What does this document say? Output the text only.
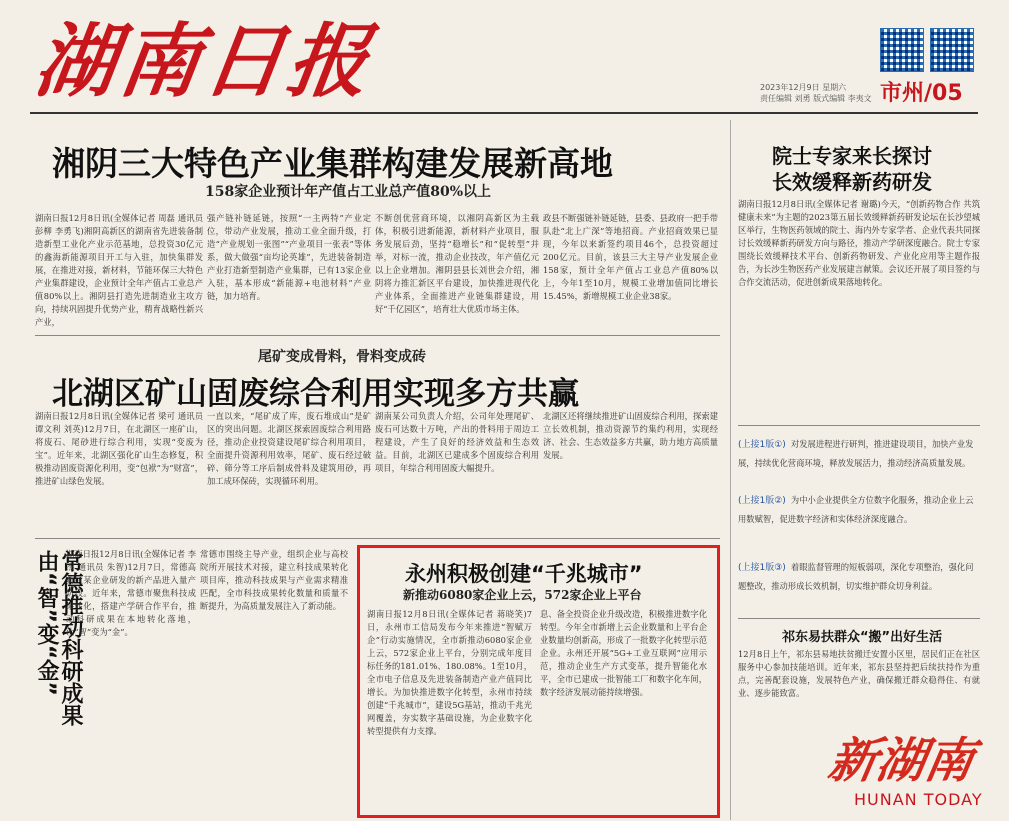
湖南日报	2023年12月9日 星期六
责任编辑 刘勇 版式编辑 李夷文 市州/05
湘阴三大特色产业集群构建发展新高地
158家企业预计年产值占工业总产值80%以上
湖南日报12月8日讯(全媒体记者 周磊 通讯员 彭柳 李勇飞)湘阴高新区的湖南省先进装备制造新型工业化产业示范基地，总投资30亿元的鑫海新能源项目开工与入驻，加快集群发展，在推进对接，新材料，节能环保三大特色产业集群建设，企业预计全年产值占工业总产值80%以上。湘阴县打造先进制造业主攻方向，持续巩固提升优势产业，精育战略性新兴产业，
强产链补链延链，按照“一主两特”产业定位，带动产业发展，推动工业全面升级，打造“产业规划一张图”“产业项目一张表”等体系，做大做强“亩均论英雄”，先进装备制造产业打造新型制造产业集群，已有13家企业入驻，基本形成“新能源+电池材料”产业链，加力培育。
不断创优营商环境，以湘阴高新区为主载体，积极引进新能源，新材料产业项目，服务发展后劲，坚持“稳增长”和“促转型”并举，对标一流，推动企业技改，年产值亿元以上企业增加。湘阴县县长刘世会介绍，湘阴将力推汇新区平台建设，加快推进现代化产业体系，全面推进产业链集群建设，用好“千亿园区”，培育壮大优质市场主体。
政县不断强链补链延链，县委、县政府一把手带队赴“北上广深”等地招商。产业招商效果已显现，今年以来新签约项目46个，总投资超过200亿元。目前，该县三大主导产业发展企业158家，预计全年产值占工业总产值80%以上，今年1至10月，规模工业增加值同比增长15.45%，新增规模工业企业38家。
尾矿变成骨料，骨料变成砖
北湖区矿山固废综合利用实现多方共赢
湖南日报12月8日讯(全媒体记者 梁可 通讯员 谭文利 刘英)12月7日，在北湖区一座矿山，将废石、尾砂进行综合利用，实现“变废为宝”。近年来，北湖区强化矿山生态修复，积极推动固废资源化利用，变“包袱”为“财富”，推进矿山绿色发展。
一直以来，“尾矿成了库，废石堆成山”是矿区的突出问题。北湖区探索固废综合利用路径，推动企业投资建设尾矿综合利用项目，全面提升资源利用效率，尾矿、废石经过破碎、筛分等工序后制成骨料及建筑用砂，再加工成环保砖，实现循环利用。
湖南某公司负责人介绍，公司年处理尾矿、废石可达数十万吨，产出的骨料用于周边工程建设，产生了良好的经济效益和生态效益。目前，北湖区已建成多个固废综合利用项目，年综合利用固废大幅提升。
北湖区还将继续推进矿山固废综合利用，探索建立长效机制，推动资源节约集约利用，实现经济、社会、生态效益多方共赢，助力地方高质量发展。
常德推动科研成果由“智”变“金” 湖南日报12月8日讯(全媒体记者 李杰 通讯员 朱智)12月7日，常德高新区某企业研发的新产品进入量产阶段。近年来，常德市聚焦科技成果转化，搭建产学研合作平台，推动科研成果在本地转化落地，让“智”变为“金”。
常德市围绕主导产业，组织企业与高校院所开展技术对接，建立科技成果转化项目库，推动科技成果与产业需求精准匹配，全市科技成果转化数量和质量不断提升，为高质量发展注入了新动能。
永州积极创建“千兆城市”
新推动6080家企业上云，572家企业上平台
湖南日报12月8日讯(全媒体记者 蒋晓笑)7日，永州市工信局发布今年来推进“智赋万企”行动实施情况，全市新推动6080家企业上云，572家企业上平台，分别完成年度目标任务的181.01%、180.08%。1至10月，全市电子信息及先进装备制造产业产值同比增长。为加快推进数字化转型，永州市持续创建“千兆城市”，建设5G基站，推动千兆光网覆盖，夯实数字基础设施，为企业数字化转型提供有力支撑。
息、备全投资企业升级改造，积极推进数字化转型。今年全市新增上云企业数量和上平台企业数量均创新高，形成了一批数字化转型示范企业。永州还开展“5G+工业互联网”应用示范，推动企业生产方式变革，提升智能化水平，全市已建成一批智能工厂和数字化车间，数字经济发展动能持续增强。
院士专家来长探讨
长效缓释新药研发
湖南日报12月8日讯(全媒体记者 谢璐)今天，“创新药物合作 共筑健康未来”为主题的2023第五届长效缓释新药研发论坛在长沙望城区举行，生物医药领域的院士、海内外专家学者、企业代表共同探讨长效缓释新药研发方向与路径，推动产学研深度融合。院士专家围绕长效缓释技术平台、创新药物研发、产业化应用等主题作报告，为长沙生物医药产业发展建言献策。会议还开展了项目签约与合作交流活动，促进创新成果落地转化。
(上接1版①) 对发展进程进行研判，推进建设项目，加快产业发展，持续优化营商环境，释放发展活力，推动经济高质量发展。
(上接1版②) 为中小企业提供全方位数字化服务，推动企业上云用数赋智，促进数字经济和实体经济深度融合。
(上接1版③) 着眼监督管理的短板弱项，深化专项整治，强化问题整改，推动形成长效机制，切实维护群众切身利益。
祁东易扶群众“搬”出好生活
12月8日上午，祁东县易地扶贫搬迁安置小区里，居民们正在社区服务中心参加技能培训。近年来，祁东县坚持把后续扶持作为重点，完善配套设施，发展特色产业，确保搬迁群众稳得住、有就业、逐步能致富。
新湖南
HUNAN TODAY
